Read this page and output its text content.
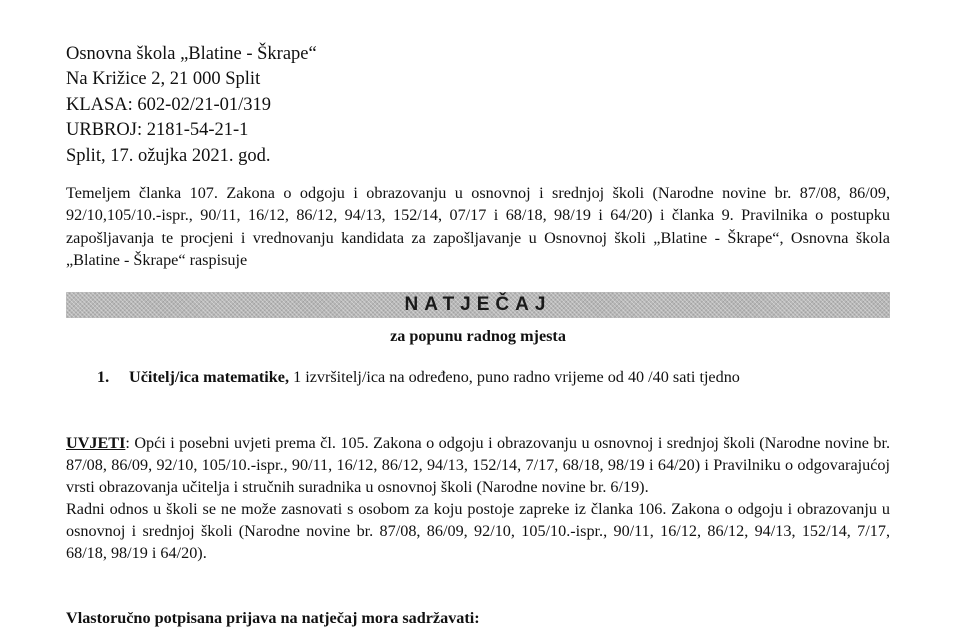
Osnovna škola „Blatine - Škrape“
Na Križice 2, 21 000 Split
KLASA: 602-02/21-01/319
URBROJ: 2181-54-21-1
Split, 17. ožujka 2021. god.
Temeljem članka 107. Zakona o odgoju i obrazovanju u osnovnoj i srednjoj školi (Narodne novine br. 87/08, 86/09, 92/10,105/10.-ispr., 90/11, 16/12, 86/12, 94/13, 152/14, 07/17 i 68/18, 98/19 i 64/20) i članka 9. Pravilnika o postupku zapošljavanja te procjeni i vrednovanju kandidata za zapošljavanje u Osnovnoj školi „Blatine - Škrape“, Osnovna škola „Blatine - Škrape“ raspisuje
NATJEČAJ
za popunu radnog mjesta
1. Učitelj/ica matematike, 1 izvršitelj/ica na određeno, puno radno vrijeme od 40 /40 sati tjedno

UVJETI: Opći i posebni uvjeti prema čl. 105. Zakona o odgoju i obrazovanju u osnovnoj i srednjoj školi (Narodne novine br. 87/08, 86/09, 92/10, 105/10.-ispr., 90/11, 16/12, 86/12, 94/13, 152/14, 7/17, 68/18, 98/19 i 64/20) i Pravilniku o odgovarajućoj vrsti obrazovanja učitelja i stručnih suradnika u osnovnoj školi (Narodne novine br. 6/19).

Radni odnos u školi se ne može zasnovati s osobom za koju postoje zapreke iz članka 106. Zakona o odgoju i obrazovanju u osnovnoj i srednjoj školi (Narodne novine br. 87/08, 86/09, 92/10, 105/10.-ispr., 90/11, 16/12, 86/12, 94/13, 152/14, 7/17, 68/18, 98/19 i 64/20).

Vlastoručno potpisana prijava na natječaj mora sadržavati:
